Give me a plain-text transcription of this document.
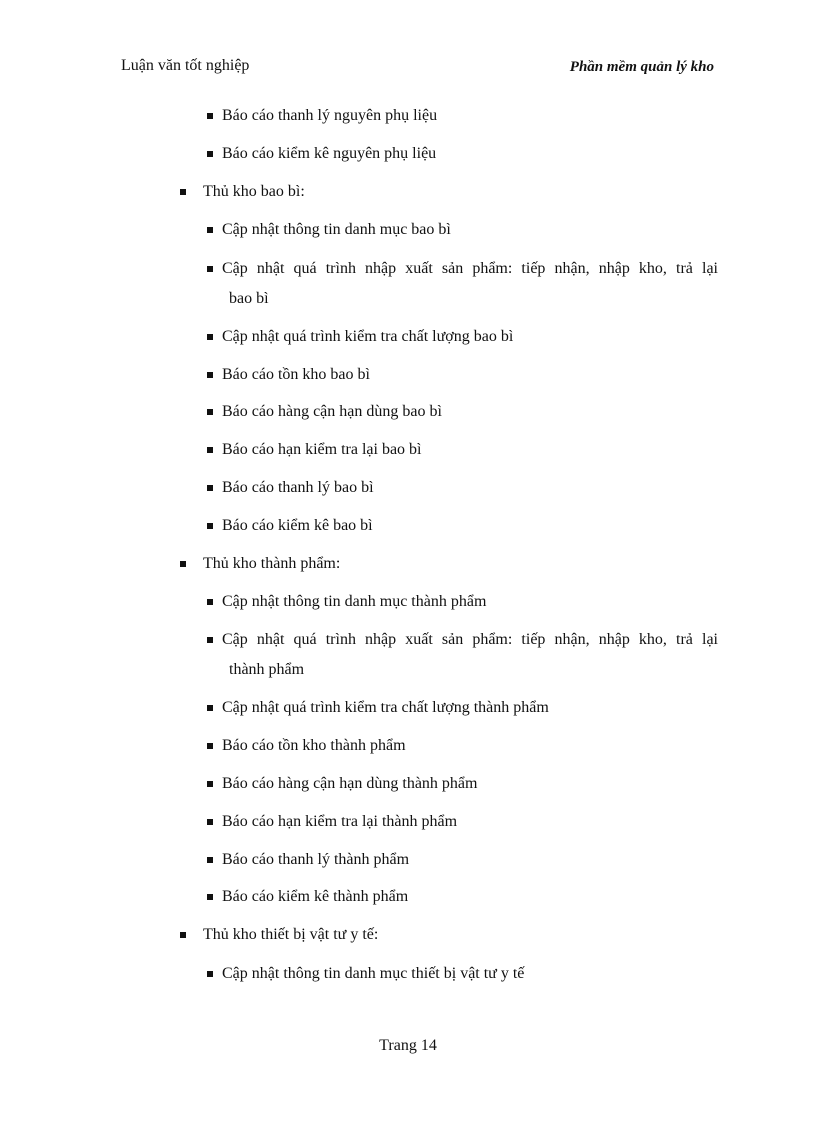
Luận văn tốt nghiệp	Phần mềm quản lý kho
Báo cáo thanh lý nguyên phụ liệu
Báo cáo kiểm kê nguyên phụ liệu
Thủ kho bao bì:
Cập nhật thông tin danh mục bao bì
Cập nhật quá trình nhập xuất sản phẩm: tiếp nhận, nhập kho, trả lại
bao bì
Cập nhật quá trình kiểm tra chất lượng bao bì
Báo cáo tồn kho bao bì
Báo cáo hàng cận hạn dùng bao bì
Báo cáo hạn kiểm tra lại bao bì
Báo cáo thanh lý bao bì
Báo cáo kiểm kê bao bì
Thủ kho thành phẩm:
Cập nhật thông tin danh mục thành phẩm
Cập nhật quá trình nhập xuất sản phẩm: tiếp nhận, nhập kho, trả lại
thành phẩm
Cập nhật quá trình kiểm tra chất lượng thành phẩm
Báo cáo tồn kho thành phẩm
Báo cáo hàng cận hạn dùng thành phẩm
Báo cáo hạn kiểm tra lại thành phẩm
Báo cáo thanh lý thành phẩm
Báo cáo kiểm kê thành phẩm
Thủ kho thiết bị vật tư y tế:
Cập nhật thông tin danh mục thiết bị vật tư y tế
Trang 14
